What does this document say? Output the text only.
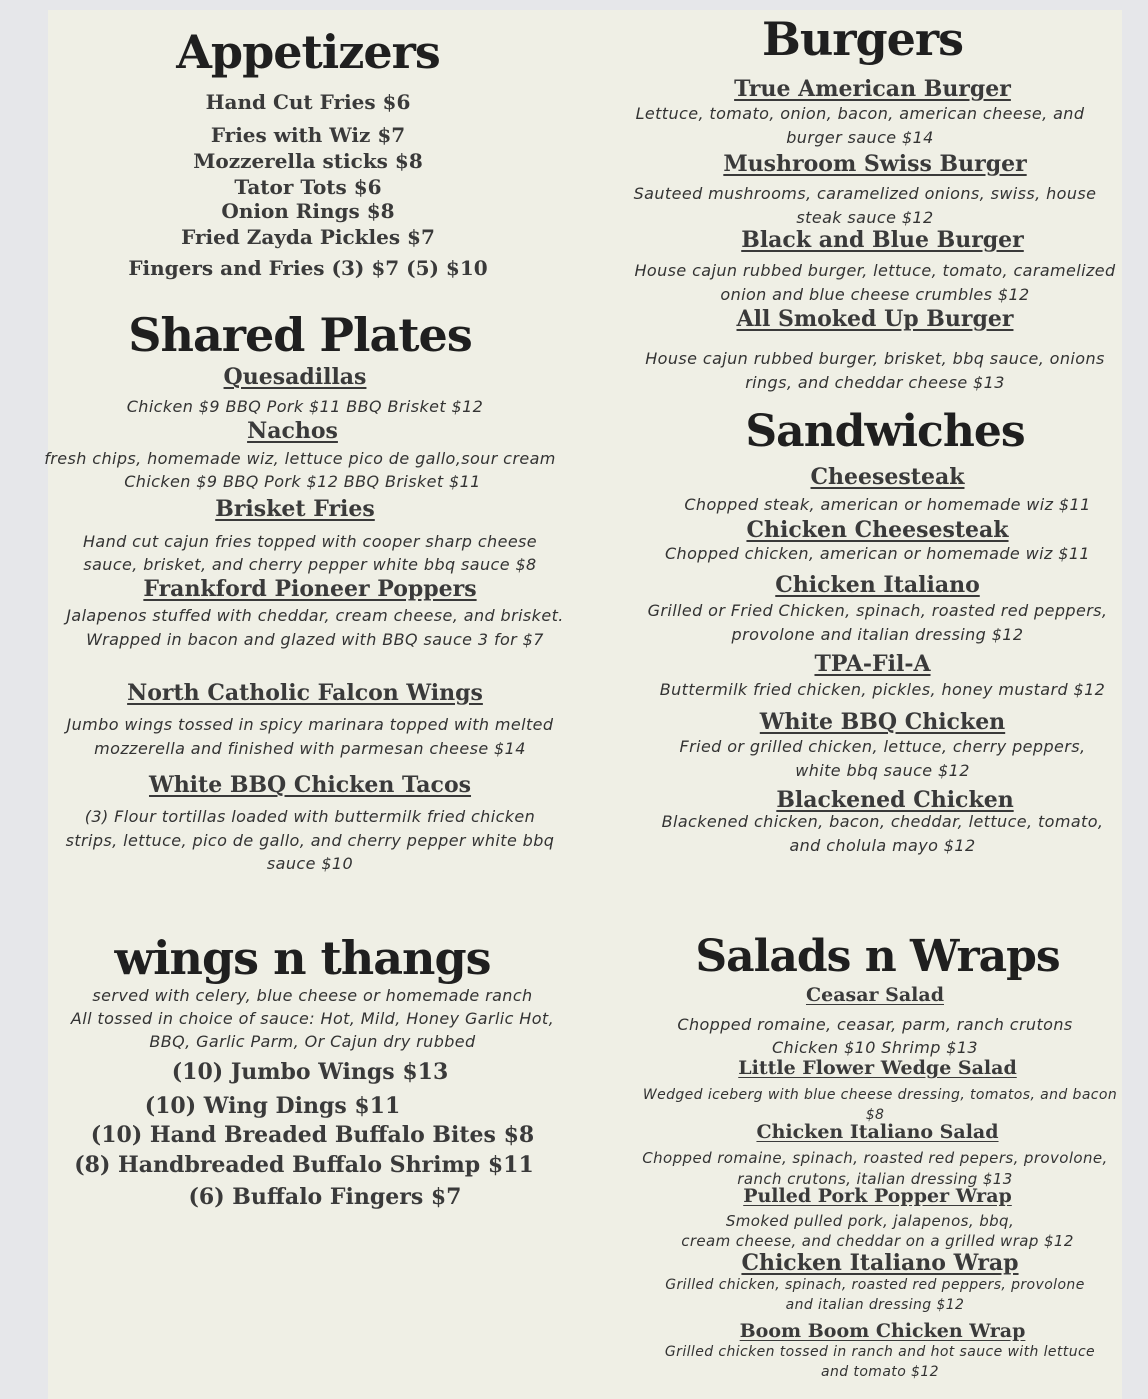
Appetizers
Hand Cut Fries $6
Fries with Wiz $7
Mozzerella sticks $8
Tator Tots $6
Onion Rings $8
Fried Zayda Pickles $7
Fingers and Fries (3) $7 (5) $10
Shared Plates
Quesadillas
Chicken $9 BBQ Pork $11 BBQ Brisket $12
Nachos
fresh chips, homemade wiz, lettuce pico de gallo,sour cream
Chicken $9 BBQ Pork $12 BBQ Brisket $11
Brisket Fries
Hand cut cajun fries topped with cooper sharp cheese
sauce, brisket, and cherry pepper white bbq sauce $8
Frankford Pioneer Poppers
Jalapenos stuffed with cheddar, cream cheese, and brisket.
Wrapped in bacon and glazed with BBQ sauce 3 for $7
North Catholic Falcon Wings
Jumbo wings tossed in spicy marinara topped with melted
mozzerella and finished with parmesan cheese $14
White BBQ Chicken Tacos
(3) Flour tortillas loaded with buttermilk fried chicken
strips, lettuce, pico de gallo, and cherry pepper white bbq
sauce $10
wings n thangs
served with celery, blue cheese or homemade ranch
All tossed in choice of sauce: Hot, Mild, Honey Garlic Hot,
BBQ, Garlic Parm, Or Cajun dry rubbed
(10) Jumbo Wings $13
(10) Wing Dings $11
(10) Hand Breaded Buffalo Bites $8
(8) Handbreaded Buffalo Shrimp $11
(6) Buffalo Fingers $7
Burgers
True American Burger
Lettuce, tomato, onion, bacon, american cheese, and
burger sauce $14
Mushroom Swiss Burger
Sauteed mushrooms, caramelized onions, swiss, house
steak sauce $12
Black and Blue Burger
House cajun rubbed burger, lettuce, tomato, caramelized
onion and blue cheese crumbles $12
All Smoked Up Burger
House cajun rubbed burger, brisket, bbq sauce, onions
rings, and cheddar cheese $13
Sandwiches
Cheesesteak
Chopped steak, american or homemade wiz $11
Chicken Cheesesteak
Chopped chicken, american or homemade wiz $11
Chicken Italiano
Grilled or Fried Chicken, spinach, roasted red peppers,
provolone and italian dressing $12
TPA-Fil-A
Buttermilk fried chicken, pickles, honey mustard $12
White BBQ Chicken
Fried or grilled chicken, lettuce, cherry peppers,
white bbq sauce $12
Blackened Chicken
Blackened chicken, bacon, cheddar, lettuce, tomato,
and cholula mayo $12
Salads n Wraps
Ceasar Salad
Chopped romaine, ceasar, parm, ranch crutons
Chicken $10 Shrimp $13
Little Flower Wedge Salad
Wedged iceberg with blue cheese dressing, tomatos, and bacon
$8
Chicken Italiano Salad
Chopped romaine, spinach, roasted red pepers, provolone,
ranch crutons, italian dressing $13
Pulled Pork Popper Wrap
Smoked pulled pork, jalapenos, bbq,
cream cheese, and cheddar on a grilled wrap $12
Chicken Italiano Wrap
Grilled chicken, spinach, roasted red peppers, provolone
and italian dressing $12
Boom Boom Chicken Wrap
Grilled chicken tossed in ranch and hot sauce with lettuce
and tomato $12
